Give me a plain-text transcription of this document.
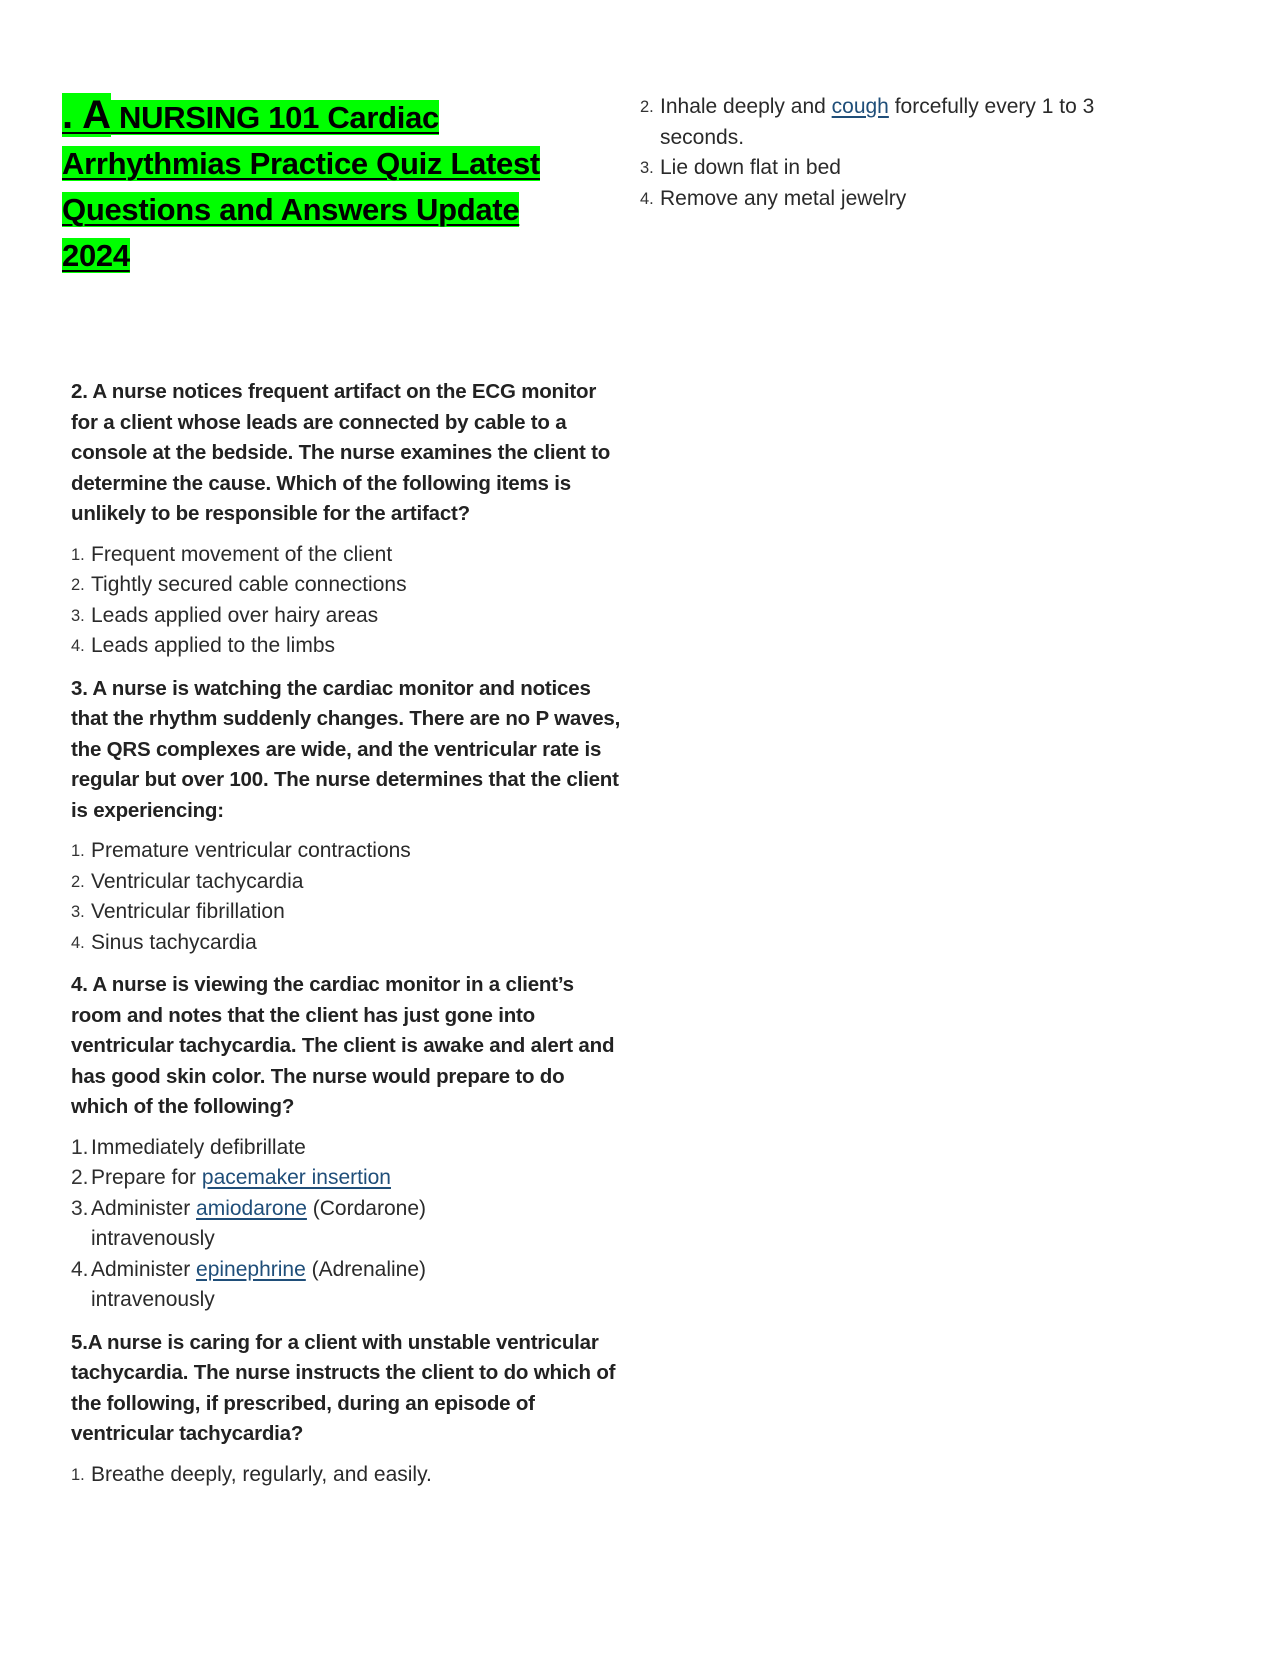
. A NURSING 101 Cardiac
Arrhythmias Practice Quiz Latest
Questions and Answers Update
2024

2. A nurse notices frequent artifact on the ECG monitor for a client whose leads are connected by cable to a console at the bedside. The nurse examines the client to determine the cause. Which of the following items is unlikely to be responsible for the artifact?

1. Frequent movement of the client
2. Tightly secured cable connections
3. Leads applied over hairy areas
4. Leads applied to the limbs

3. A nurse is watching the cardiac monitor and notices that the rhythm suddenly changes. There are no P waves, the QRS complexes are wide, and the ventricular rate is regular but over 100. The nurse determines that the client is experiencing:

1. Premature ventricular contractions
2. Ventricular tachycardia
3. Ventricular fibrillation
4. Sinus tachycardia

4. A nurse is viewing the cardiac monitor in a client’s room and notes that the client has just gone into ventricular tachycardia. The client is awake and alert and has good skin color. The nurse would prepare to do which of the following?

1. Immediately defibrillate
2. Prepare for pacemaker insertion
3. Administer amiodarone (Cordarone) intravenously
4. Administer epinephrine (Adrenaline) intravenously

5.A nurse is caring for a client with unstable ventricular tachycardia. The nurse instructs the client to do which of the following, if prescribed, during an episode of ventricular tachycardia?

1. Breathe deeply, regularly, and easily.
2. Inhale deeply and cough forcefully every 1 to 3 seconds.
3. Lie down flat in bed
4. Remove any metal jewelry
